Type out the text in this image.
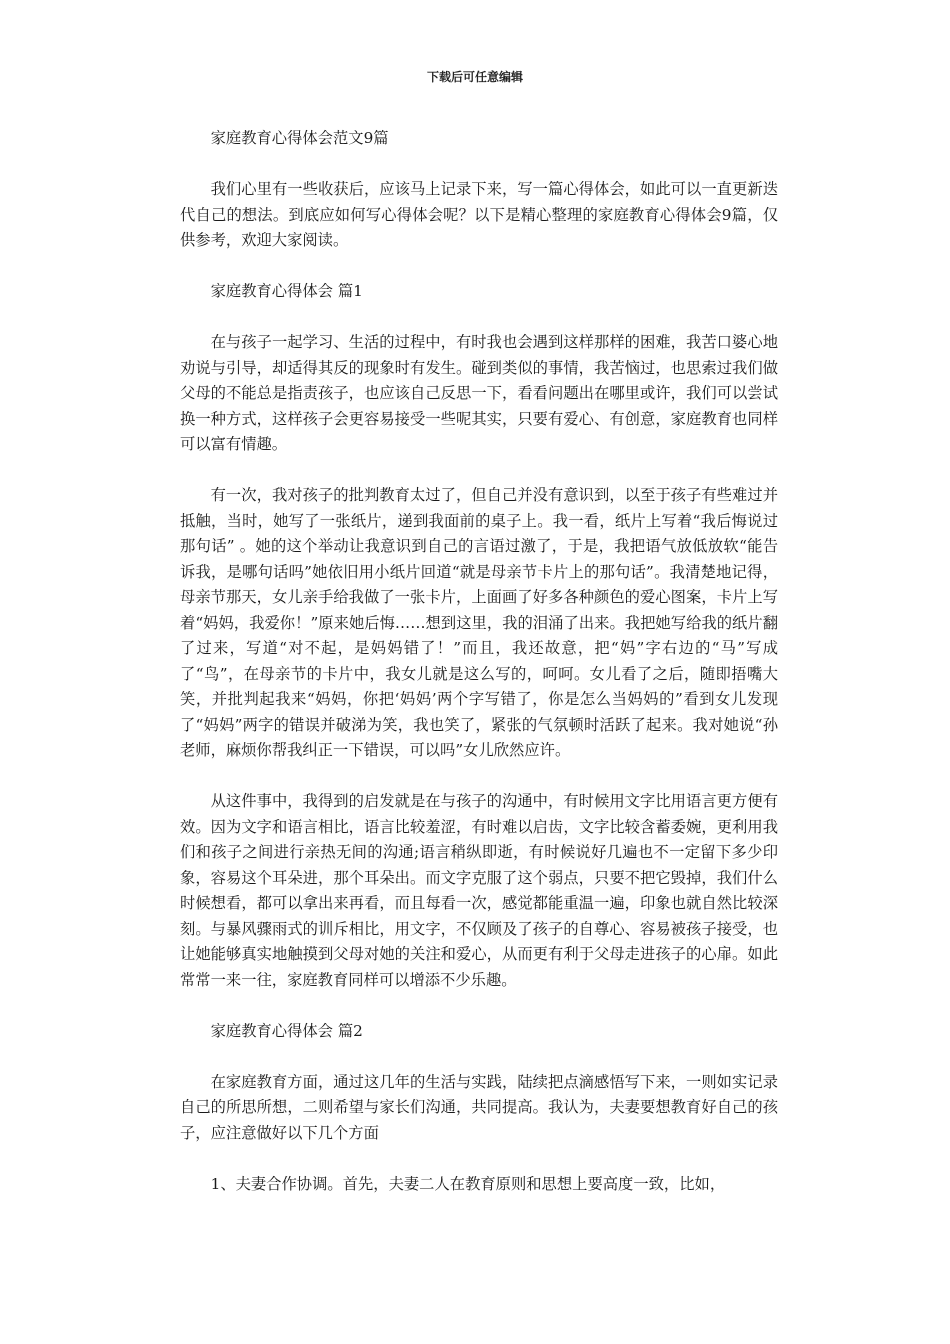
下载后可任意编辑

家庭教育心得体会范文9篇

我们心里有一些收获后，应该马上记录下来，写一篇心得体会，如此可以一直更新迭代自己的想法。到底应如何写心得体会呢？以下是精心整理的家庭教育心得体会9篇，仅供参考，欢迎大家阅读。

家庭教育心得体会 篇1

在与孩子一起学习、生活的过程中，有时我也会遇到这样那样的困难，我苦口婆心地劝说与引导，却适得其反的现象时有发生。碰到类似的事情，我苦恼过，也思索过我们做父母的不能总是指责孩子，也应该自己反思一下，看看问题出在哪里或许，我们可以尝试换一种方式，这样孩子会更容易接受一些呢其实，只要有爱心、有创意，家庭教育也同样可以富有情趣。

有一次，我对孩子的批判教育太过了，但自己并没有意识到，以至于孩子有些难过并抵触，当时，她写了一张纸片，递到我面前的桌子上。我一看，纸片上写着“我后悔说过那句话” 。她的这个举动让我意识到自己的言语过激了，于是，我把语气放低放软“能告诉我，是哪句话吗”她依旧用小纸片回道“就是母亲节卡片上的那句话”。我清楚地记得，母亲节那天，女儿亲手给我做了一张卡片，上面画了好多各种颜色的爱心图案，卡片上写着“妈妈，我爱你！”原来她后悔……想到这里，我的泪涌了出来。我把她写给我的纸片翻了过来，写道“对不起，是妈妈错了！”而且，我还故意，把“妈”字右边的“马”写成了“鸟”，在母亲节的卡片中，我女儿就是这么写的，呵呵。女儿看了之后，随即捂嘴大笑，并批判起我来“妈妈，你把‘妈妈’两个字写错了，你是怎么当妈妈的”看到女儿发现了“妈妈”两字的错误并破涕为笑，我也笑了，紧张的气氛顿时活跃了起来。我对她说“孙老师，麻烦你帮我纠正一下错误，可以吗”女儿欣然应许。

从这件事中，我得到的启发就是在与孩子的沟通中，有时候用文字比用语言更方便有效。因为文字和语言相比，语言比较羞涩，有时难以启齿，文字比较含蓄委婉，更利用我们和孩子之间进行亲热无间的沟通;语言稍纵即逝，有时候说好几遍也不一定留下多少印象，容易这个耳朵进，那个耳朵出。而文字克服了这个弱点，只要不把它毁掉，我们什么时候想看，都可以拿出来再看，而且每看一次，感觉都能重温一遍，印象也就自然比较深刻。与暴风骤雨式的训斥相比，用文字，不仅顾及了孩子的自尊心、容易被孩子接受，也让她能够真实地触摸到父母对她的关注和爱心，从而更有利于父母走进孩子的心扉。如此常常一来一往，家庭教育同样可以增添不少乐趣。

家庭教育心得体会 篇2

在家庭教育方面，通过这几年的生活与实践，陆续把点滴感悟写下来，一则如实记录自己的所思所想，二则希望与家长们沟通，共同提高。我认为，夫妻要想教育好自己的孩子，应注意做好以下几个方面

1、夫妻合作协调。首先，夫妻二人在教育原则和思想上要高度一致，比如，
